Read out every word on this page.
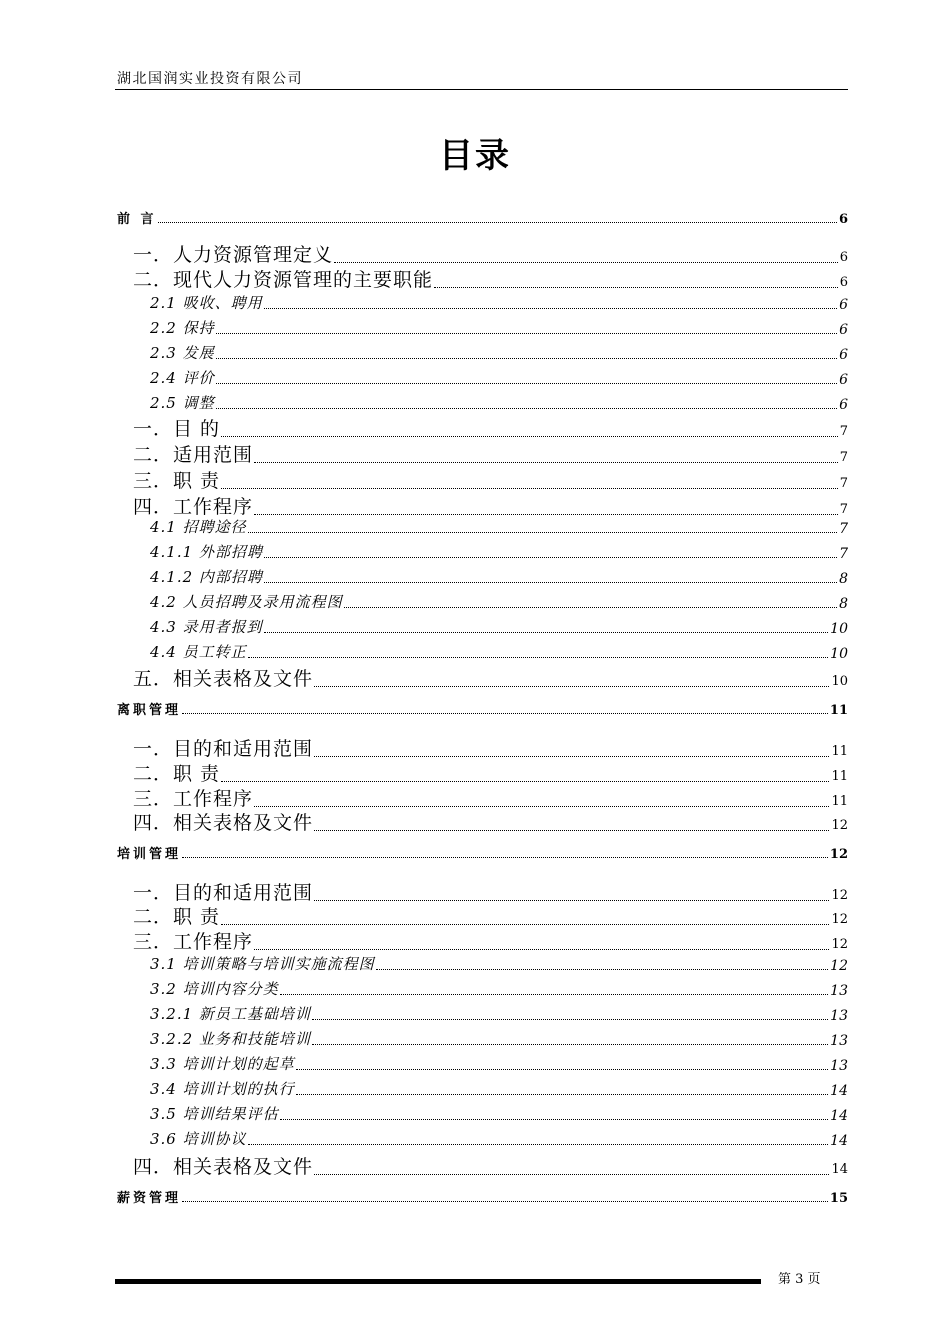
湖北国润实业投资有限公司
目录
前 言	6
一．人力资源管理定义	6
二．现代人力资源管理的主要职能	6
2.1 吸收、聘用	6
2.2 保持	6
2.3 发展	6
2.4 评价	6
2.5 调整	6
一．目 的	7
二．适用范围	7
三．职 责	7
四．工作程序	7
4.1 招聘途径	7
4.1.1 外部招聘	7
4.1.2 内部招聘	8
4.2 人员招聘及录用流程图	8
4.3 录用者报到	10
4.4 员工转正	10
五．相关表格及文件	10
离职管理	11
一．目的和适用范围	11
二．职 责	11
三．工作程序	11
四．相关表格及文件	12
培训管理	12
一．目的和适用范围	12
二．职 责	12
三．工作程序	12
3.1 培训策略与培训实施流程图	12
3.2 培训内容分类	13
3.2.1 新员工基础培训	13
3.2.2 业务和技能培训	13
3.3 培训计划的起草	13
3.4 培训计划的执行	14
3.5 培训结果评估	14
3.6 培训协议	14
四．相关表格及文件	14
薪资管理	15
第 3 页
